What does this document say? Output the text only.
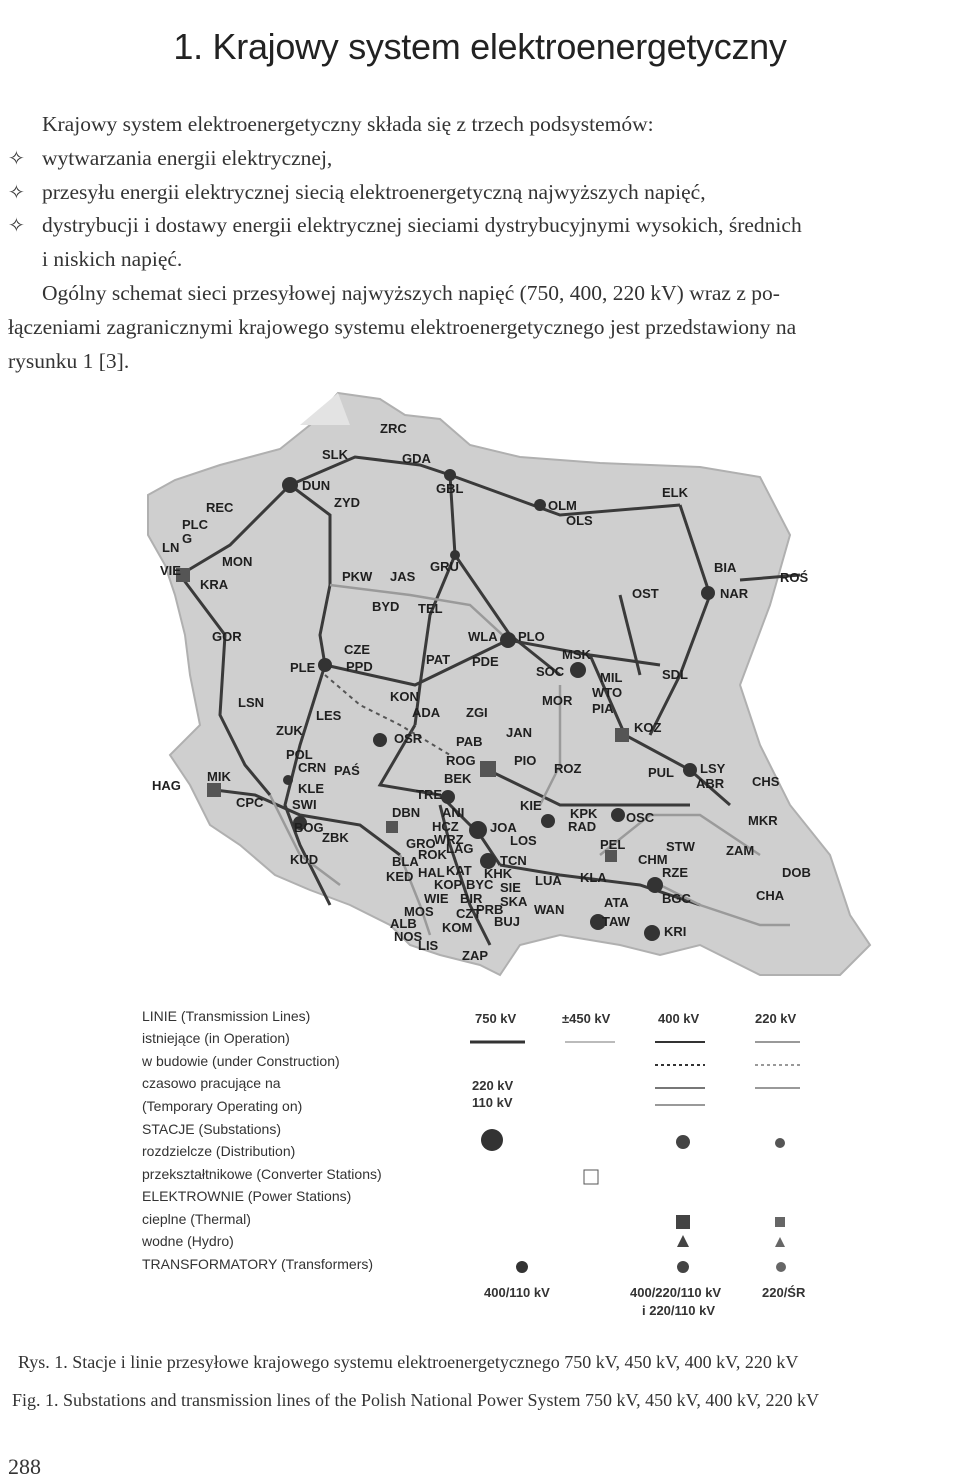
1. Krajowy system elektroenergetyczny
Krajowy system elektroenergetyczny składa się z trzech podsystemów:
✧ wytwarzania energii elektrycznej,
✧ przesyłu energii elektrycznej siecią elektroenergetyczną najwyższych napięć,
✧ dystrybucji i dostawy energii elektrycznej sieciami dystrybucyjnymi wysokich, średnich
i niskich napięć.
Ogólny schemat sieci przesyłowej najwyższych napięć (750, 400, 220 kV) wraz z po-
łączeniami zagranicznymi krajowego systemu elektroenergetycznego jest przedstawiony na
rysunku 1 [3].
ZRC
SLK	GDA
DUN
ZYD
GBL
OLM
OLS
ELK
REC
PLC
LN
G
MON
VIE
KRA
PKW JAS
GRU
BYD TEL
BIA
ROŚ
OST	NAR
GOR	WLA PLO
CZE
PPD
PLE
PAT PDE	MSK
SOC	MIL
WTO
SDL
KON	MOR
PIA
LSN
LES	ADA ZGI
KOZ
ZUK
OSR	PAB
JAN
POL
CRN PAŚ
ROG	PIO
ROZ	LSY
PUL
ABR CHS
HAG
MIK	BEK
TRE
CPC SWI
KLE
DBN ANI	KIE
KPK
RAD
OSC	MKR
BOG
ZBK
HCZ
WRZ
JOA
LOS	STW ZAM
KUD
GRO
ROK LAG
TCN
PEL
CHM
BLA
HAL KAT KHK
KED
KOP BYC SIE LUA KLA	RZE	DOB
WIE BIR SKA	CHA
MOS	PRB WAN	ATA	BGC
ALB
CZT
KOM BUJ	TAW
NOS	KRI
LIS
ZAP
LINIE (Transmission Lines)
istniejące (in Operation)
w budowie (under Construction)
czasowo pracujące na
(Temporary Operating on)
STACJE (Substations)
rozdzielcze (Distribution)
przekształtnikowe (Converter Stations)
ELEKTROWNIE (Power Stations)
cieplne (Thermal)
wodne (Hydro)
TRANSFORMATORY (Transformers)
750 kV	±450 kV	400 kV	220 kV
220 kV
110 kV
400/110 kV	400/220/110 kV
i 220/110 kV
220/ŚR
Rys. 1. Stacje i linie przesyłowe krajowego systemu elektroenergetycznego 750 kV, 450 kV, 400 kV, 220 kV
Fig. 1. Substations and transmission lines of the Polish National Power System 750 kV, 450 kV, 400 kV, 220 kV
288
